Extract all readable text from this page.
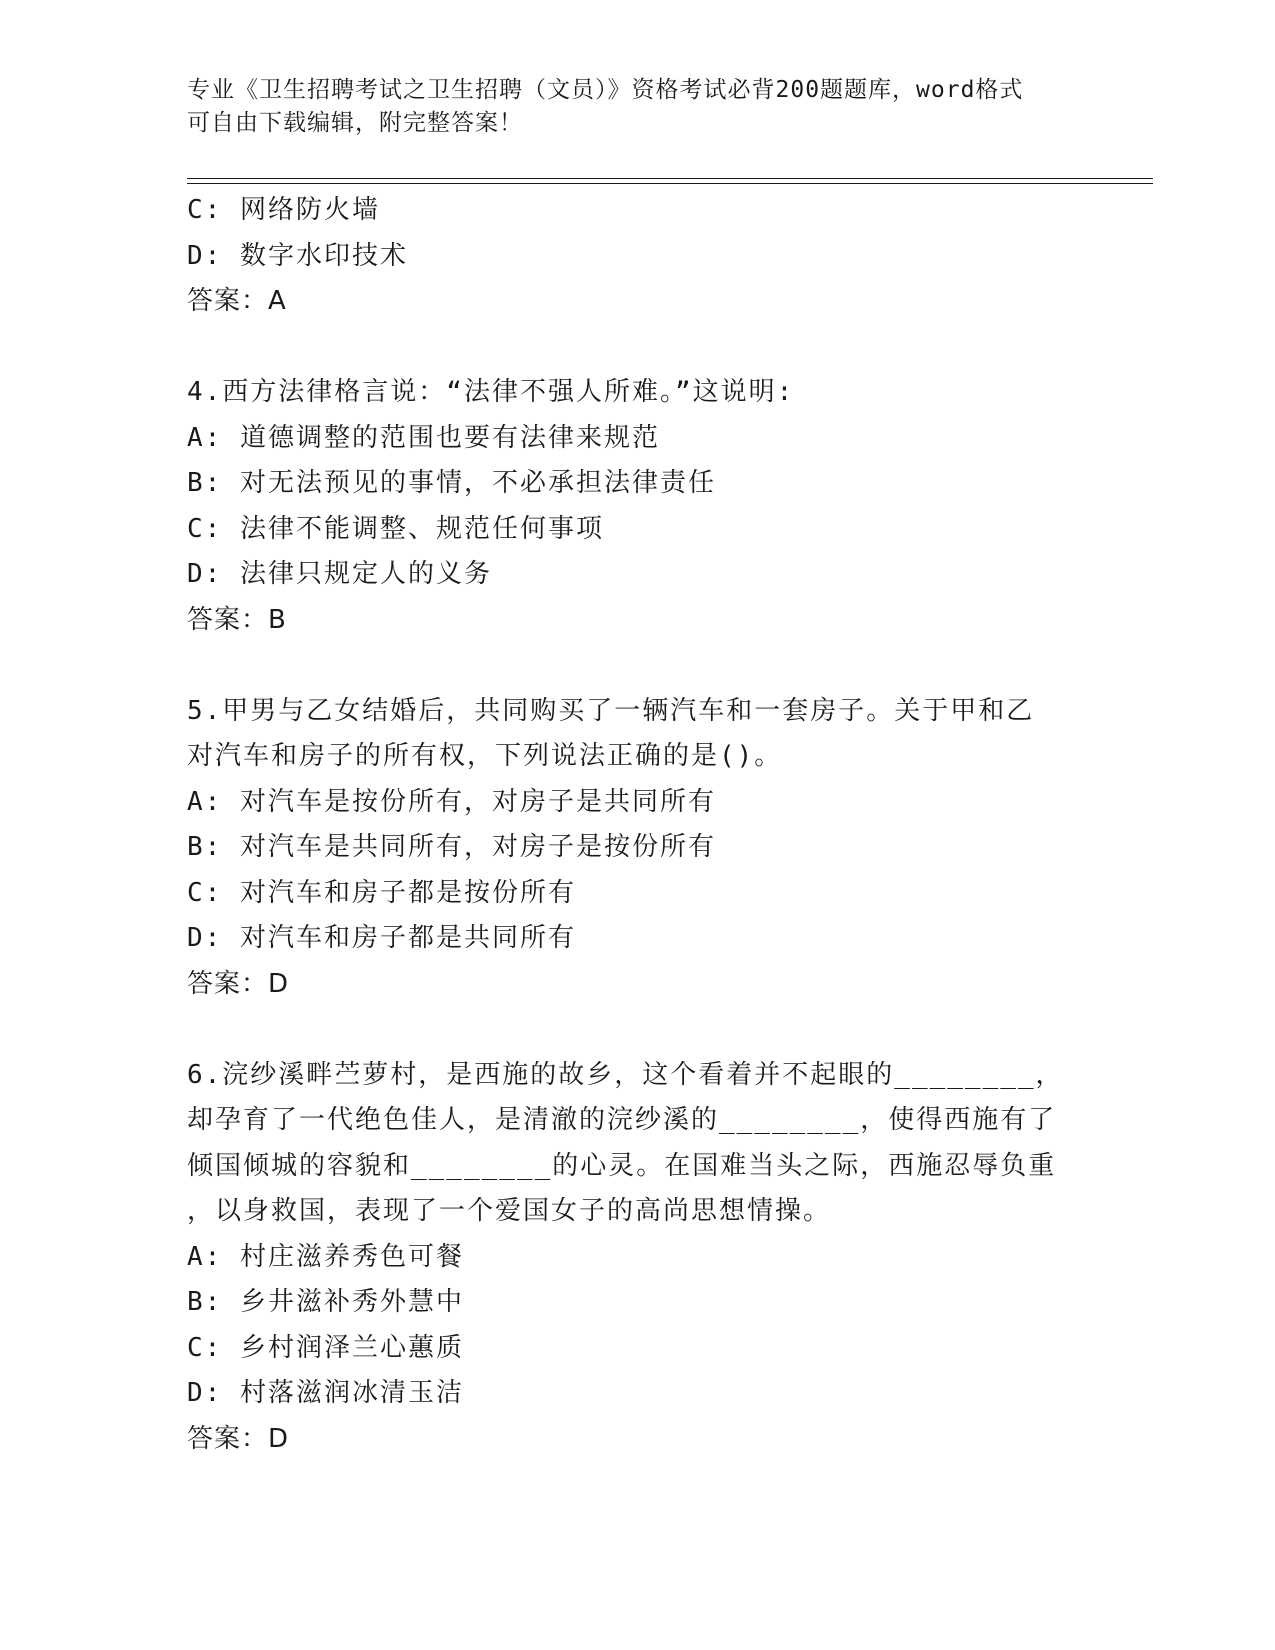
专业《卫生招聘考试之卫生招聘（文员）》资格考试必背200题题库，word格式
可自由下载编辑，附完整答案！
C: 网络防火墙
D: 数字水印技术
答案：A
4.西方法律格言说：“法律不强人所难。”这说明:
A: 道德调整的范围也要有法律来规范
B: 对无法预见的事情，不必承担法律责任
C: 法律不能调整、规范任何事项
D: 法律只规定人的义务
答案：B
5.甲男与乙女结婚后，共同购买了一辆汽车和一套房子。关于甲和乙
对汽车和房子的所有权，下列说法正确的是()。
A: 对汽车是按份所有，对房子是共同所有
B: 对汽车是共同所有，对房子是按份所有
C: 对汽车和房子都是按份所有
D: 对汽车和房子都是共同所有
答案：D
6.浣纱溪畔苎萝村，是西施的故乡，这个看着并不起眼的________，
却孕育了一代绝色佳人，是清澈的浣纱溪的________，使得西施有了
倾国倾城的容貌和________的心灵。在国难当头之际，西施忍辱负重
，以身救国，表现了一个爱国女子的高尚思想情操。
A: 村庄滋养秀色可餐
B: 乡井滋补秀外慧中
C: 乡村润泽兰心蕙质
D: 村落滋润冰清玉洁
答案：D
